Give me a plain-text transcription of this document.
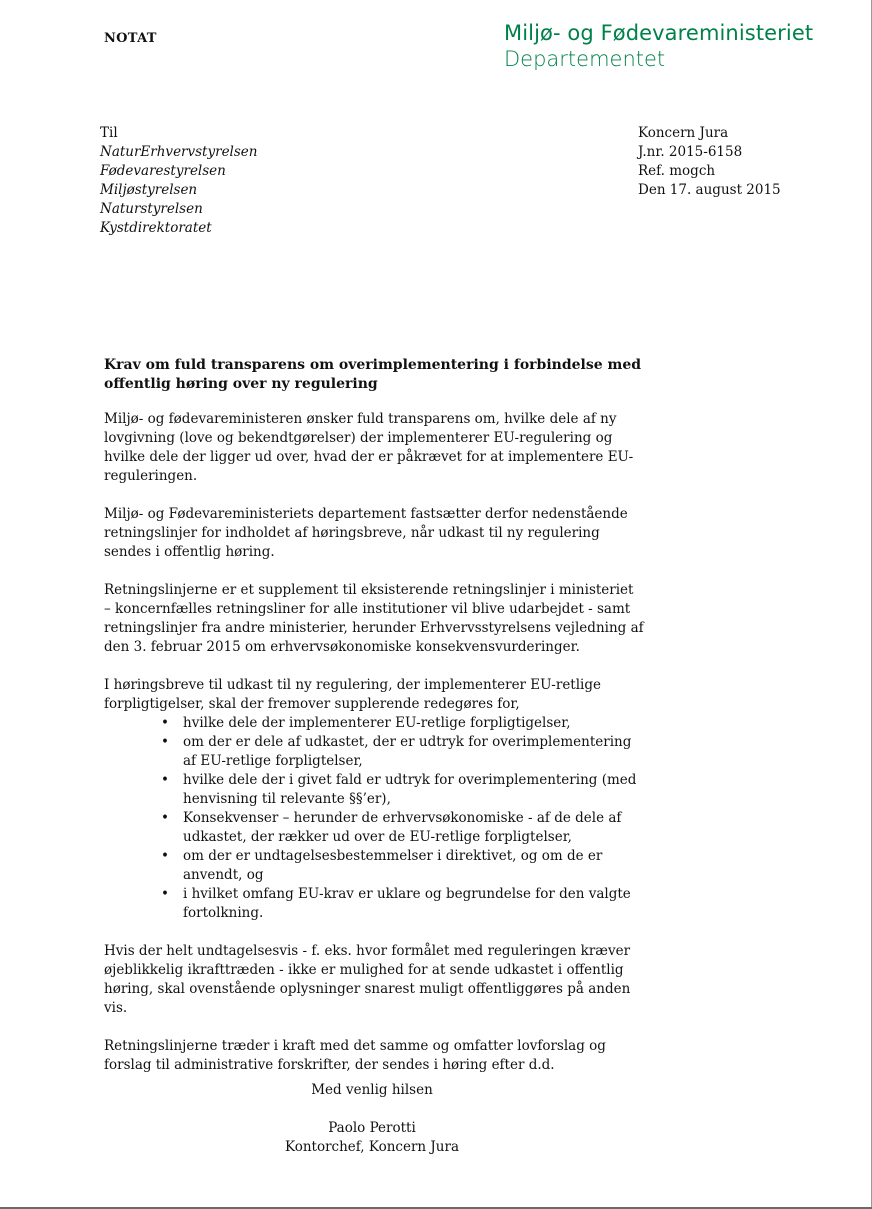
NOTAT	Miljø- og Fødevareministeriet
Departementet
Til
NaturErhvervstyrelsen
Fødevarestyrelsen
Miljøstyrelsen
Naturstyrelsen
Kystdirektoratet
Koncern Jura
J.nr. 2015-6158
Ref. mogch
Den 17. august 2015
Krav om fuld transparens om overimplementering i forbindelse med offentlig høring over ny regulering

Miljø- og fødevareministeren ønsker fuld transparens om, hvilke dele af ny lovgivning (love og bekendtgørelser) der implementerer EU-regulering og hvilke dele der ligger ud over, hvad der er påkrævet for at implementere EU-reguleringen.

Miljø- og Fødevareministeriets departement fastsætter derfor nedenstående retningslinjer for indholdet af høringsbreve, når udkast til ny regulering sendes i offentlig høring.

Retningslinjerne er et supplement til eksisterende retningslinjer i ministeriet – koncernfælles retningsliner for alle institutioner vil blive udarbejdet - samt retningslinjer fra andre ministerier, herunder Erhvervsstyrelsens vejledning af den 3. februar 2015 om erhvervsøkonomiske konsekvensvurderinger.

I høringsbreve til udkast til ny regulering, der implementerer EU-retlige forpligtigelser, skal der fremover supplerende redegøres for,
• hvilke dele der implementerer EU-retlige forpligtigelser,
• om der er dele af udkastet, der er udtryk for overimplementering af EU-retlige forpligtelser,
• hvilke dele der i givet fald er udtryk for overimplementering (med henvisning til relevante §§’er),
• Konsekvenser – herunder de erhvervsøkonomiske - af de dele af udkastet, der rækker ud over de EU-retlige forpligtelser,
• om der er undtagelsesbestemmelser i direktivet, og om de er anvendt, og
• i hvilket omfang EU-krav er uklare og begrundelse for den valgte fortolkning.

Hvis der helt undtagelsesvis - f. eks. hvor formålet med reguleringen kræver øjeblikkelig ikrafttræden - ikke er mulighed for at sende udkastet i offentlig høring, skal ovenstående oplysninger snarest muligt offentliggøres på anden vis.

Retningslinjerne træder i kraft med det samme og omfatter lovforslag og forslag til administrative forskrifter, der sendes i høring efter d.d.

Med venlig hilsen
Paolo Perotti
Kontorchef, Koncern Jura
